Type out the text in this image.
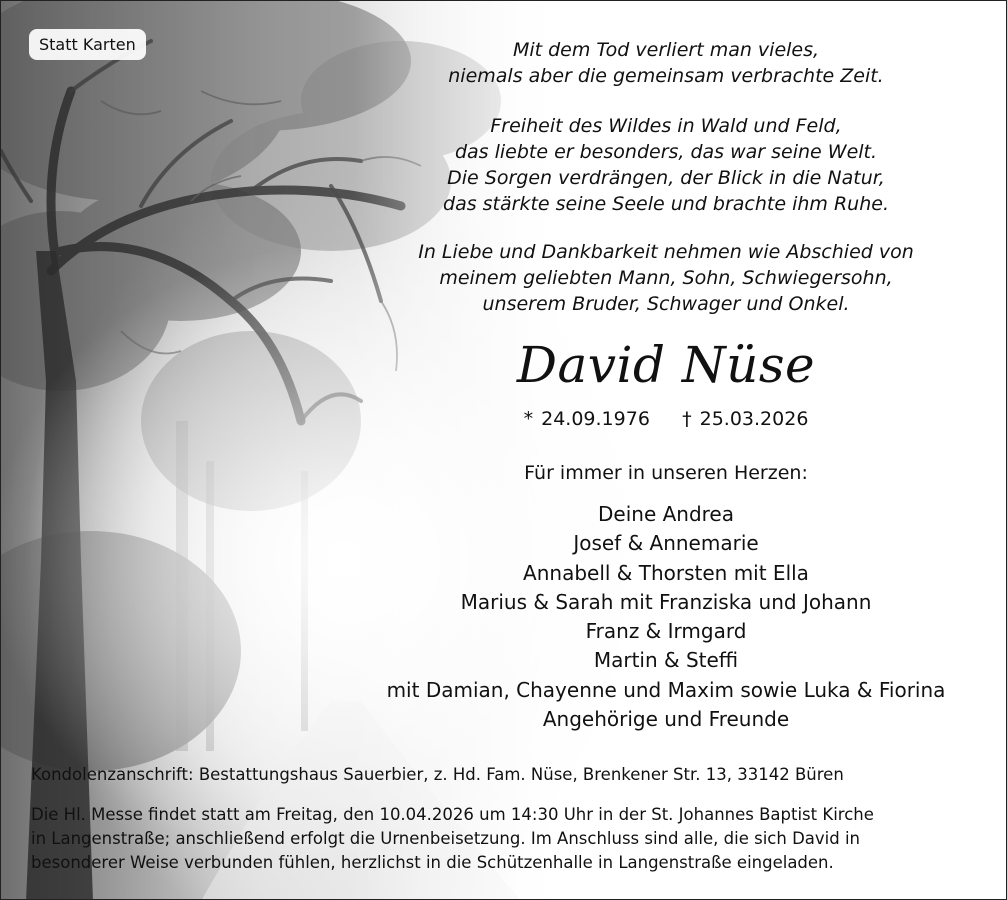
Statt Karten	Mit dem Tod verliert man vieles,
niemals aber die gemeinsam verbrachte Zeit.
Freiheit des Wildes in Wald und Feld,
das liebte er besonders, das war seine Welt.
Die Sorgen verdrängen, der Blick in die Natur,
das stärkte seine Seele und brachte ihm Ruhe.
In Liebe und Dankbarkeit nehmen wie Abschied von
meinem geliebten Mann, Sohn, Schwiegersohn,
unserem Bruder, Schwager und Onkel.
David Nüse
* 24.09.1976 † 25.03.2026
Für immer in unseren Herzen:
Deine Andrea
Josef & Annemarie
Annabell & Thorsten mit Ella
Marius & Sarah mit Franziska und Johann
Franz & Irmgard
Martin & Steffi
mit Damian, Chayenne und Maxim sowie Luka & Fiorina
Angehörige und Freunde
Kondolenzanschrift: Bestattungshaus Sauerbier, z. Hd. Fam. Nüse, Brenkener Str. 13, 33142 Büren
Die Hl. Messe findet statt am Freitag, den 10.04.2026 um 14:30 Uhr in der St. Johannes Baptist Kirche
in Langenstraße; anschließend erfolgt die Urnenbeisetzung. Im Anschluss sind alle, die sich David in
besonderer Weise verbunden fühlen, herzlichst in die Schützenhalle in Langenstraße eingeladen.
